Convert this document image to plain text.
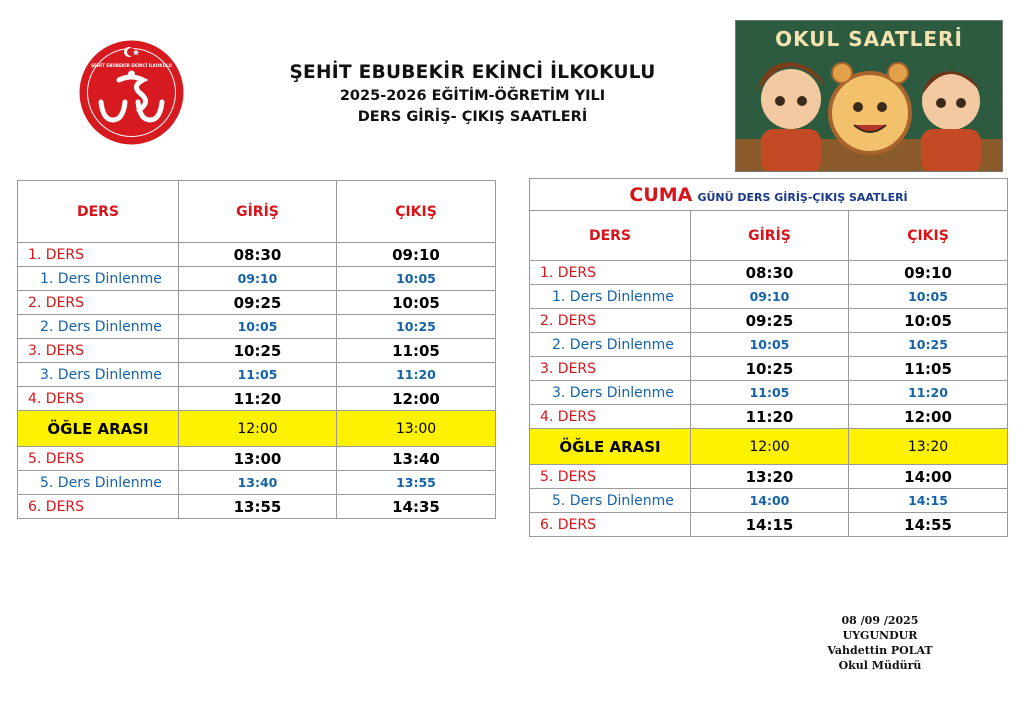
ŞEHİT EBUBEKİR EKİNCİ İLKOKULU	ŞEHİT EBUBEKİR EKİNCİ İLKOKULU
2025-2026 EĞİTİM-ÖĞRETİM YILI
DERS GİRİŞ- ÇIKIŞ SAATLERİ
OKUL SAATLERİ
DERS	GİRİŞ	ÇIKIŞ
1. DERS	08:30	09:10
1. Ders Dinlenme	09:10	10:05
2. DERS	09:25	10:05
2. Ders Dinlenme	10:05	10:25
3. DERS	10:25	11:05
3. Ders Dinlenme	11:05	11:20
4. DERS	11:20	12:00
ÖĞLE ARASI	12:00	13:00
5. DERS	13:00	13:40
5. Ders Dinlenme	13:40	13:55
6. DERS	13:55	14:35
CUMA GÜNÜ DERS GİRİŞ-ÇIKIŞ SAATLERİ		
DERS	GİRİŞ	ÇIKIŞ
1. DERS	08:30	09:10
1. Ders Dinlenme	09:10	10:05
2. DERS	09:25	10:05
2. Ders Dinlenme	10:05	10:25
3. DERS	10:25	11:05
3. Ders Dinlenme	11:05	11:20
4. DERS	11:20	12:00
ÖĞLE ARASI	12:00	13:20
5. DERS	13:20	14:00
5. Ders Dinlenme	14:00	14:15
6. DERS	14:15	14:55
08 /09 /2025
UYGUNDUR
Vahdettin POLAT
Okul Müdürü
